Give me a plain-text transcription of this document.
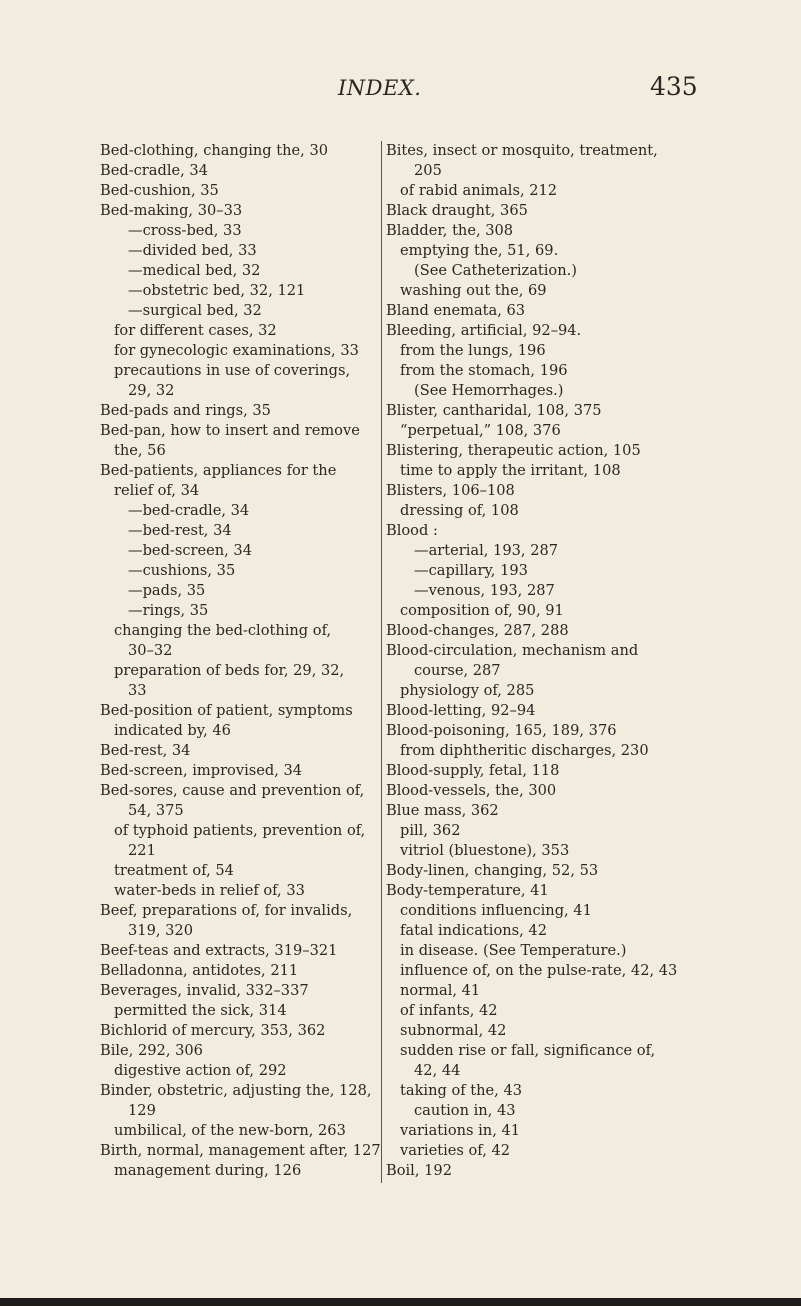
INDEX.	435
Bed-clothing, changing the, 30
Bed-cradle, 34
Bed-cushion, 35
Bed-making, 30–33
—cross-bed, 33
—divided bed, 33
—medical bed, 32
—obstetric bed, 32, 121
—surgical bed, 32
for different cases, 32
for gynecologic examinations, 33
precautions in use of coverings,
29, 32
Bed-pads and rings, 35
Bed-pan, how to insert and remove
the, 56
Bed-patients, appliances for the
relief of, 34
—bed-cradle, 34
—bed-rest, 34
—bed-screen, 34
—cushions, 35
—pads, 35
—rings, 35
changing the bed-clothing of,
30–32
preparation of beds for, 29, 32,
33
Bed-position of patient, symptoms
indicated by, 46
Bed-rest, 34
Bed-screen, improvised, 34
Bed-sores, cause and prevention of,
54, 375
of typhoid patients, prevention of,
221
treatment of, 54
water-beds in relief of, 33
Beef, preparations of, for invalids,
319, 320
Beef-teas and extracts, 319–321
Belladonna, antidotes, 211
Beverages, invalid, 332–337
permitted the sick, 314
Bichlorid of mercury, 353, 362
Bile, 292, 306
digestive action of, 292
Binder, obstetric, adjusting the, 128,
129
umbilical, of the new-born, 263
Birth, normal, management after, 127
management during, 126
Bites, insect or mosquito, treatment,
205
of rabid animals, 212
Black draught, 365
Bladder, the, 308
emptying the, 51, 69.
(See Catheterization.)
washing out the, 69
Bland enemata, 63
Bleeding, artificial, 92–94.
from the lungs, 196
from the stomach, 196
(See Hemorrhages.)
Blister, cantharidal, 108, 375
“perpetual,” 108, 376
Blistering, therapeutic action, 105
time to apply the irritant, 108
Blisters, 106–108
dressing of, 108
Blood :
—arterial, 193, 287
—capillary, 193
—venous, 193, 287
composition of, 90, 91
Blood-changes, 287, 288
Blood-circulation, mechanism and
course, 287
physiology of, 285
Blood-letting, 92–94
Blood-poisoning, 165, 189, 376
from diphtheritic discharges, 230
Blood-supply, fetal, 118
Blood-vessels, the, 300
Blue mass, 362
pill, 362
vitriol (bluestone), 353
Body-linen, changing, 52, 53
Body-temperature, 41
conditions influencing, 41
fatal indications, 42
in disease. (See Temperature.)
influence of, on the pulse-rate, 42, 43
normal, 41
of infants, 42
subnormal, 42
sudden rise or fall, significance of,
42, 44
taking of the, 43
caution in, 43
variations in, 41
varieties of, 42
Boil, 192
